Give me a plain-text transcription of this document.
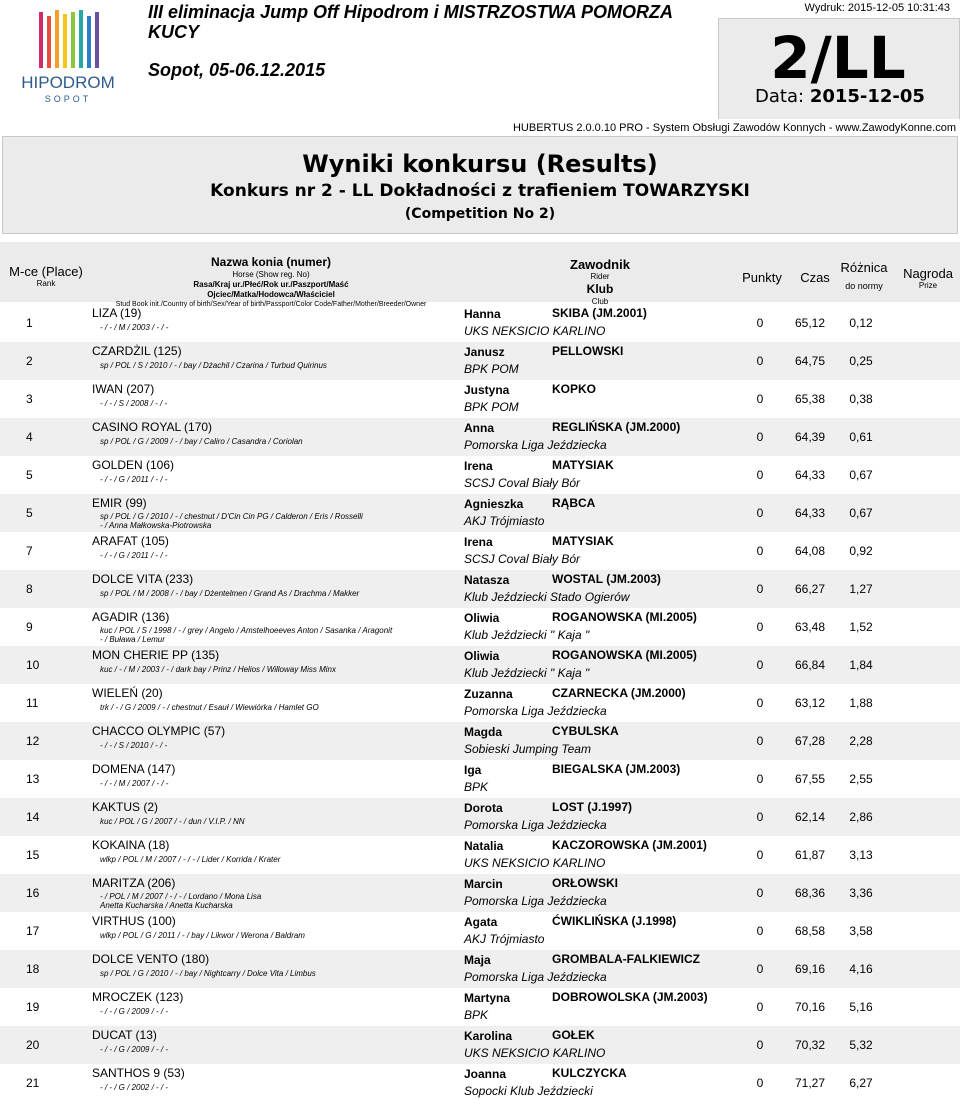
HIPODROM
SOPOT
III eliminacja Jump Off Hipodrom i MISTRZOSTWA POMORZA KUCY
Sopot, 05-06.12.2015
Wydruk: 2015-12-05 10:31:43
2/LL
Data: 2015-12-05
HUBERTUS 2.0.0.10 PRO - System Obsługi Zawodów Konnych - www.ZawodyKonne.com
Wyniki konkursu (Results)
Konkurs nr 2 - LL Dokładności z trafieniem TOWARZYSKI
(Competition No 2)
M-ce (Place)
Rank
Nazwa konia (numer)
Horse (Show reg. No)
Rasa/Kraj ur./Płeć/Rok ur./Paszport/Maść
Ojciec/Matka/Hodowca/Właściciel
Stud Book init./Country of birth/Sex/Year of birth/Passport/Color Code/Father/Mother/Breeder/Owner
Zawodnik
Rider
Klub
Club
Punkty	Czas
Różnica
do normy
Nagroda
Prize
1
LIZA (19)
- / - / M / 2003 / - / -
Hanna	SKIBA (JM.2001)
UKS NEKSICIO KARLINO
0	65,12	0,12
2
CZARDŻIL (125)
sp / POL / S / 2010 / - / bay / Dżachil / Czarina / Turbud Quirinus
Janusz	PELLOWSKI
BPK POM
0	64,75	0,25
3
IWAN (207)
- / - / S / 2008 / - / -
Justyna	KOPKO
BPK POM
0	65,38	0,38
4
CASINO ROYAL (170)
sp / POL / G / 2009 / - / bay / Caliro / Casandra / Coriolan
Anna	REGLIŃSKA (JM.2000)
Pomorska Liga Jeździecka
0	64,39	0,61
5
GOLDEN (106)
- / - / G / 2011 / - / -
Irena	MATYSIAK
SCSJ Coval Biały Bór
0	64,33	0,67
5
EMIR (99)
sp / POL / G / 2010 / - / chestnut / D'Cin Cin PG / Calderon / Eris / Rosselli
- / Anna Małkowska-Piotrowska
Agnieszka RĄBCA
AKJ Trójmiasto
0	64,33	0,67
7
ARAFAT (105)
- / - / G / 2011 / - / -
Irena	MATYSIAK
SCSJ Coval Biały Bór
0	64,08	0,92
8
DOLCE VITA (233)
sp / POL / M / 2008 / - / bay / Dżentelmen / Grand As / Drachma / Makker
Natasza	WOSTAL (JM.2003)
Klub Jeździecki Stado Ogierów
0	66,27	1,27
9
AGADIR (136)
kuc / POL / S / 1998 / - / grey / Angelo / Amstelhoeeves Anton / Sasanka / Aragonit
- / Buława / Lemur
Oliwia	ROGANOWSKA (MI.2005)
Klub Jeździecki " Kaja "
0	63,48	1,52
10
MON CHERIE PP (135)
kuc / - / M / 2003 / - / dark bay / Prinz / Helios / Willoway Miss Minx
Oliwia	ROGANOWSKA (MI.2005)
Klub Jeździecki " Kaja "
0	66,84	1,84
11
WIELEŃ (20)
trk / - / G / 2009 / - / chestnut / Esauł / Wiewiórka / Hamlet GO
Zuzanna	CZARNECKA (JM.2000)
Pomorska Liga Jeździecka
0	63,12	1,88
12
CHACCO OLYMPIC (57)
- / - / S / 2010 / - / -
Magda	CYBULSKA
Sobieski Jumping Team
0	67,28	2,28
13
DOMENA (147)
- / - / M / 2007 / - / -
Iga	BIEGALSKA (JM.2003)
BPK
0	67,55	2,55
14
KAKTUS (2)
kuc / POL / G / 2007 / - / dun / V.I.P. / NN
Dorota	LOST (J.1997)
Pomorska Liga Jeździecka
0	62,14	2,86
15
KOKAINA (18)
wlkp / POL / M / 2007 / - / - / Lider / Korrida / Krater
Natalia	KACZOROWSKA (JM.2001)
UKS NEKSICIO KARLINO
0	61,87	3,13
16
MARITZA (206)
- / POL / M / 2007 / - / - / Lordano / Mona Lisa
Anetta Kucharska / Anetta Kucharska
Marcin	ORŁOWSKI
Pomorska Liga Jeździecka
0	68,36	3,36
17
VIRTHUS (100)
wlkp / POL / G / 2011 / - / bay / Likwor / Werona / Baldram
Agata	ĆWIKLIŃSKA (J.1998)
AKJ Trójmiasto
0	68,58	3,58
18
DOLCE VENTO (180)
sp / POL / G / 2010 / - / bay / Nightcarry / Dolce Vita / Limbus
Maja	GROMBALA-FALKIEWICZ
Pomorska Liga Jeździecka
0	69,16	4,16
19
MROCZEK (123)
- / - / G / 2009 / - / -
Martyna	DOBROWOLSKA (JM.2003)
BPK
0	70,16	5,16
20
DUCAT (13)
- / - / G / 2009 / - / -
Karolina	GOŁEK
UKS NEKSICIO KARLINO
0	70,32	5,32
21
SANTHOS 9 (53)
- / - / G / 2002 / - / -
Joanna	KULCZYCKA
Sopocki Klub Jeździecki
0	71,27	6,27
